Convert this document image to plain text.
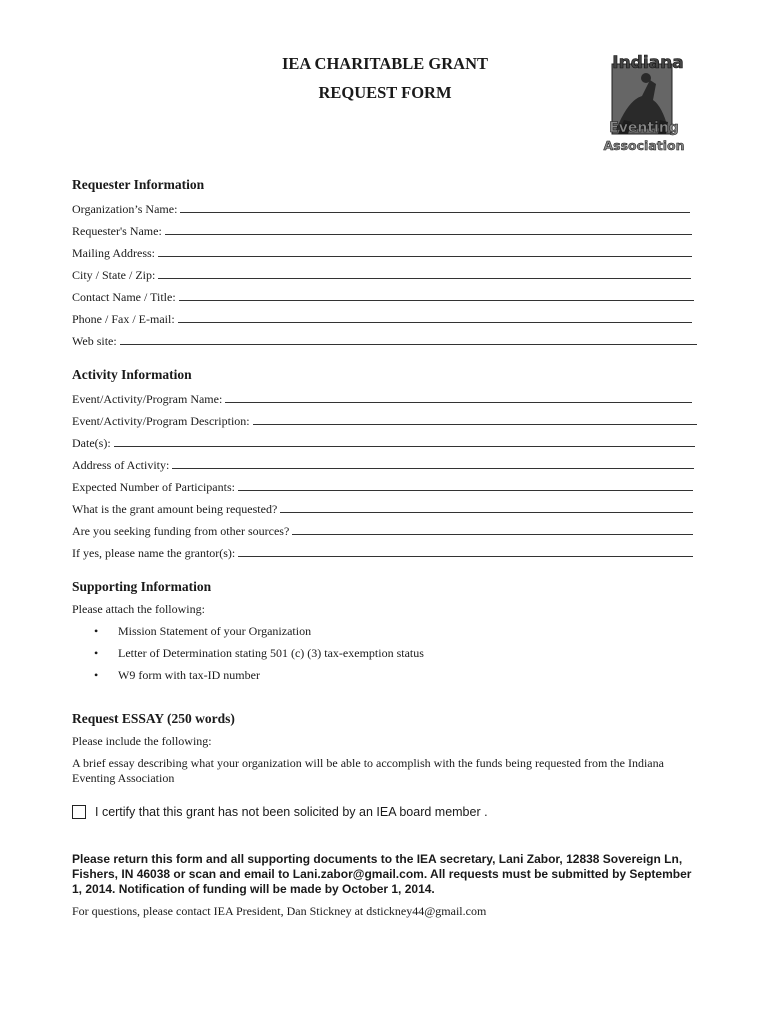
IEA CHARITABLE GRANT
REQUEST FORM
Indiana
Eventing
Association
Requester Information
Organization’s Name:
Requester's Name:
Mailing Address:
City / State / Zip:
Contact Name / Title:
Phone / Fax / E-mail:
Web site:
Activity Information
Event/Activity/Program Name:
Event/Activity/Program Description:
Date(s):
Address of Activity:
Expected Number of Participants:
What is the grant amount being requested?
Are you seeking funding from other sources?
If yes, please name the grantor(s):
Supporting Information
Please attach the following:
•	Mission Statement of your Organization
•	Letter of Determination stating 501 (c) (3) tax-exemption status
•	W9 form with tax-ID number
Request ESSAY (250 words)
Please include the following:
A brief essay describing what your organization will be able to accomplish with the funds being requested from the Indiana Eventing Association
I certify that this grant has not been solicited by an IEA board member .
Please return this form and all supporting documents to the IEA secretary, Lani Zabor, 12838 Sovereign Ln, Fishers, IN 46038 or scan and email to Lani.zabor@gmail.com. All requests must be submitted by September 1, 2014. Notification of funding will be made by October 1, 2014.
For questions, please contact IEA President, Dan Stickney at dstickney44@gmail.com
